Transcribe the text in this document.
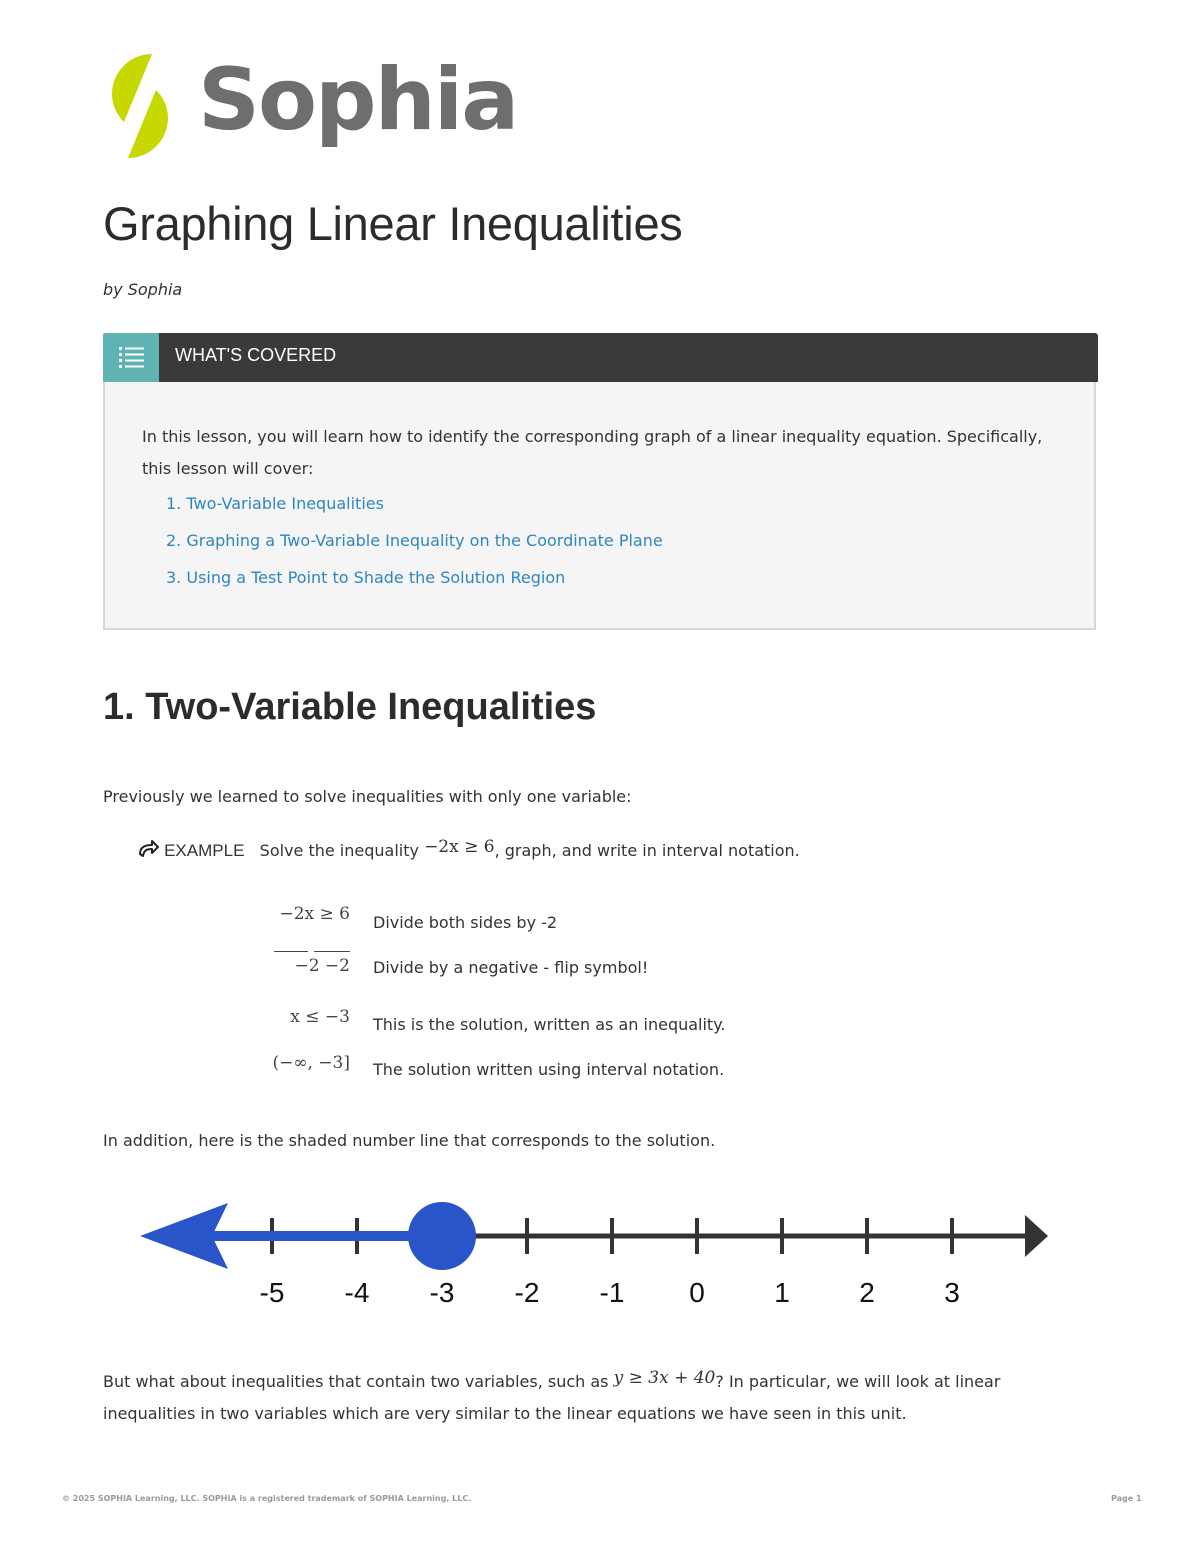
Sophia
Graphing Linear Inequalities
by Sophia
WHAT'S COVERED

In this lesson, you will learn how to identify the corresponding graph of a linear inequality equation. Specifically, this lesson will cover:

1. Two-Variable Inequalities
2. Graphing a Two-Variable Inequality on the Coordinate Plane
3. Using a Test Point to Shade the Solution Region
1. Two-Variable Inequalities

Previously we learned to solve inequalities with only one variable:

EXAMPLE Solve the inequality −2x ≥ 6, graph, and write in interval notation.
−2x ≥ 6 Divide both sides by -2
−2 −2 Divide by a negative - flip symbol!
x ≤ −3 This is the solution, written as an inequality.
(−∞, −3] The solution written using interval notation.

In addition, here is the shaded number line that corresponds to the solution.

-5 -4 -3 -2 -1 0 1 2 3

But what about inequalities that contain two variables, such as y ≥ 3x + 40? In particular, we will look at linear inequalities in two variables which are very similar to the linear equations we have seen in this unit.

© 2025 SOPHIA Learning, LLC. SOPHIA is a registered trademark of SOPHIA Learning, LLC.	Page 1
